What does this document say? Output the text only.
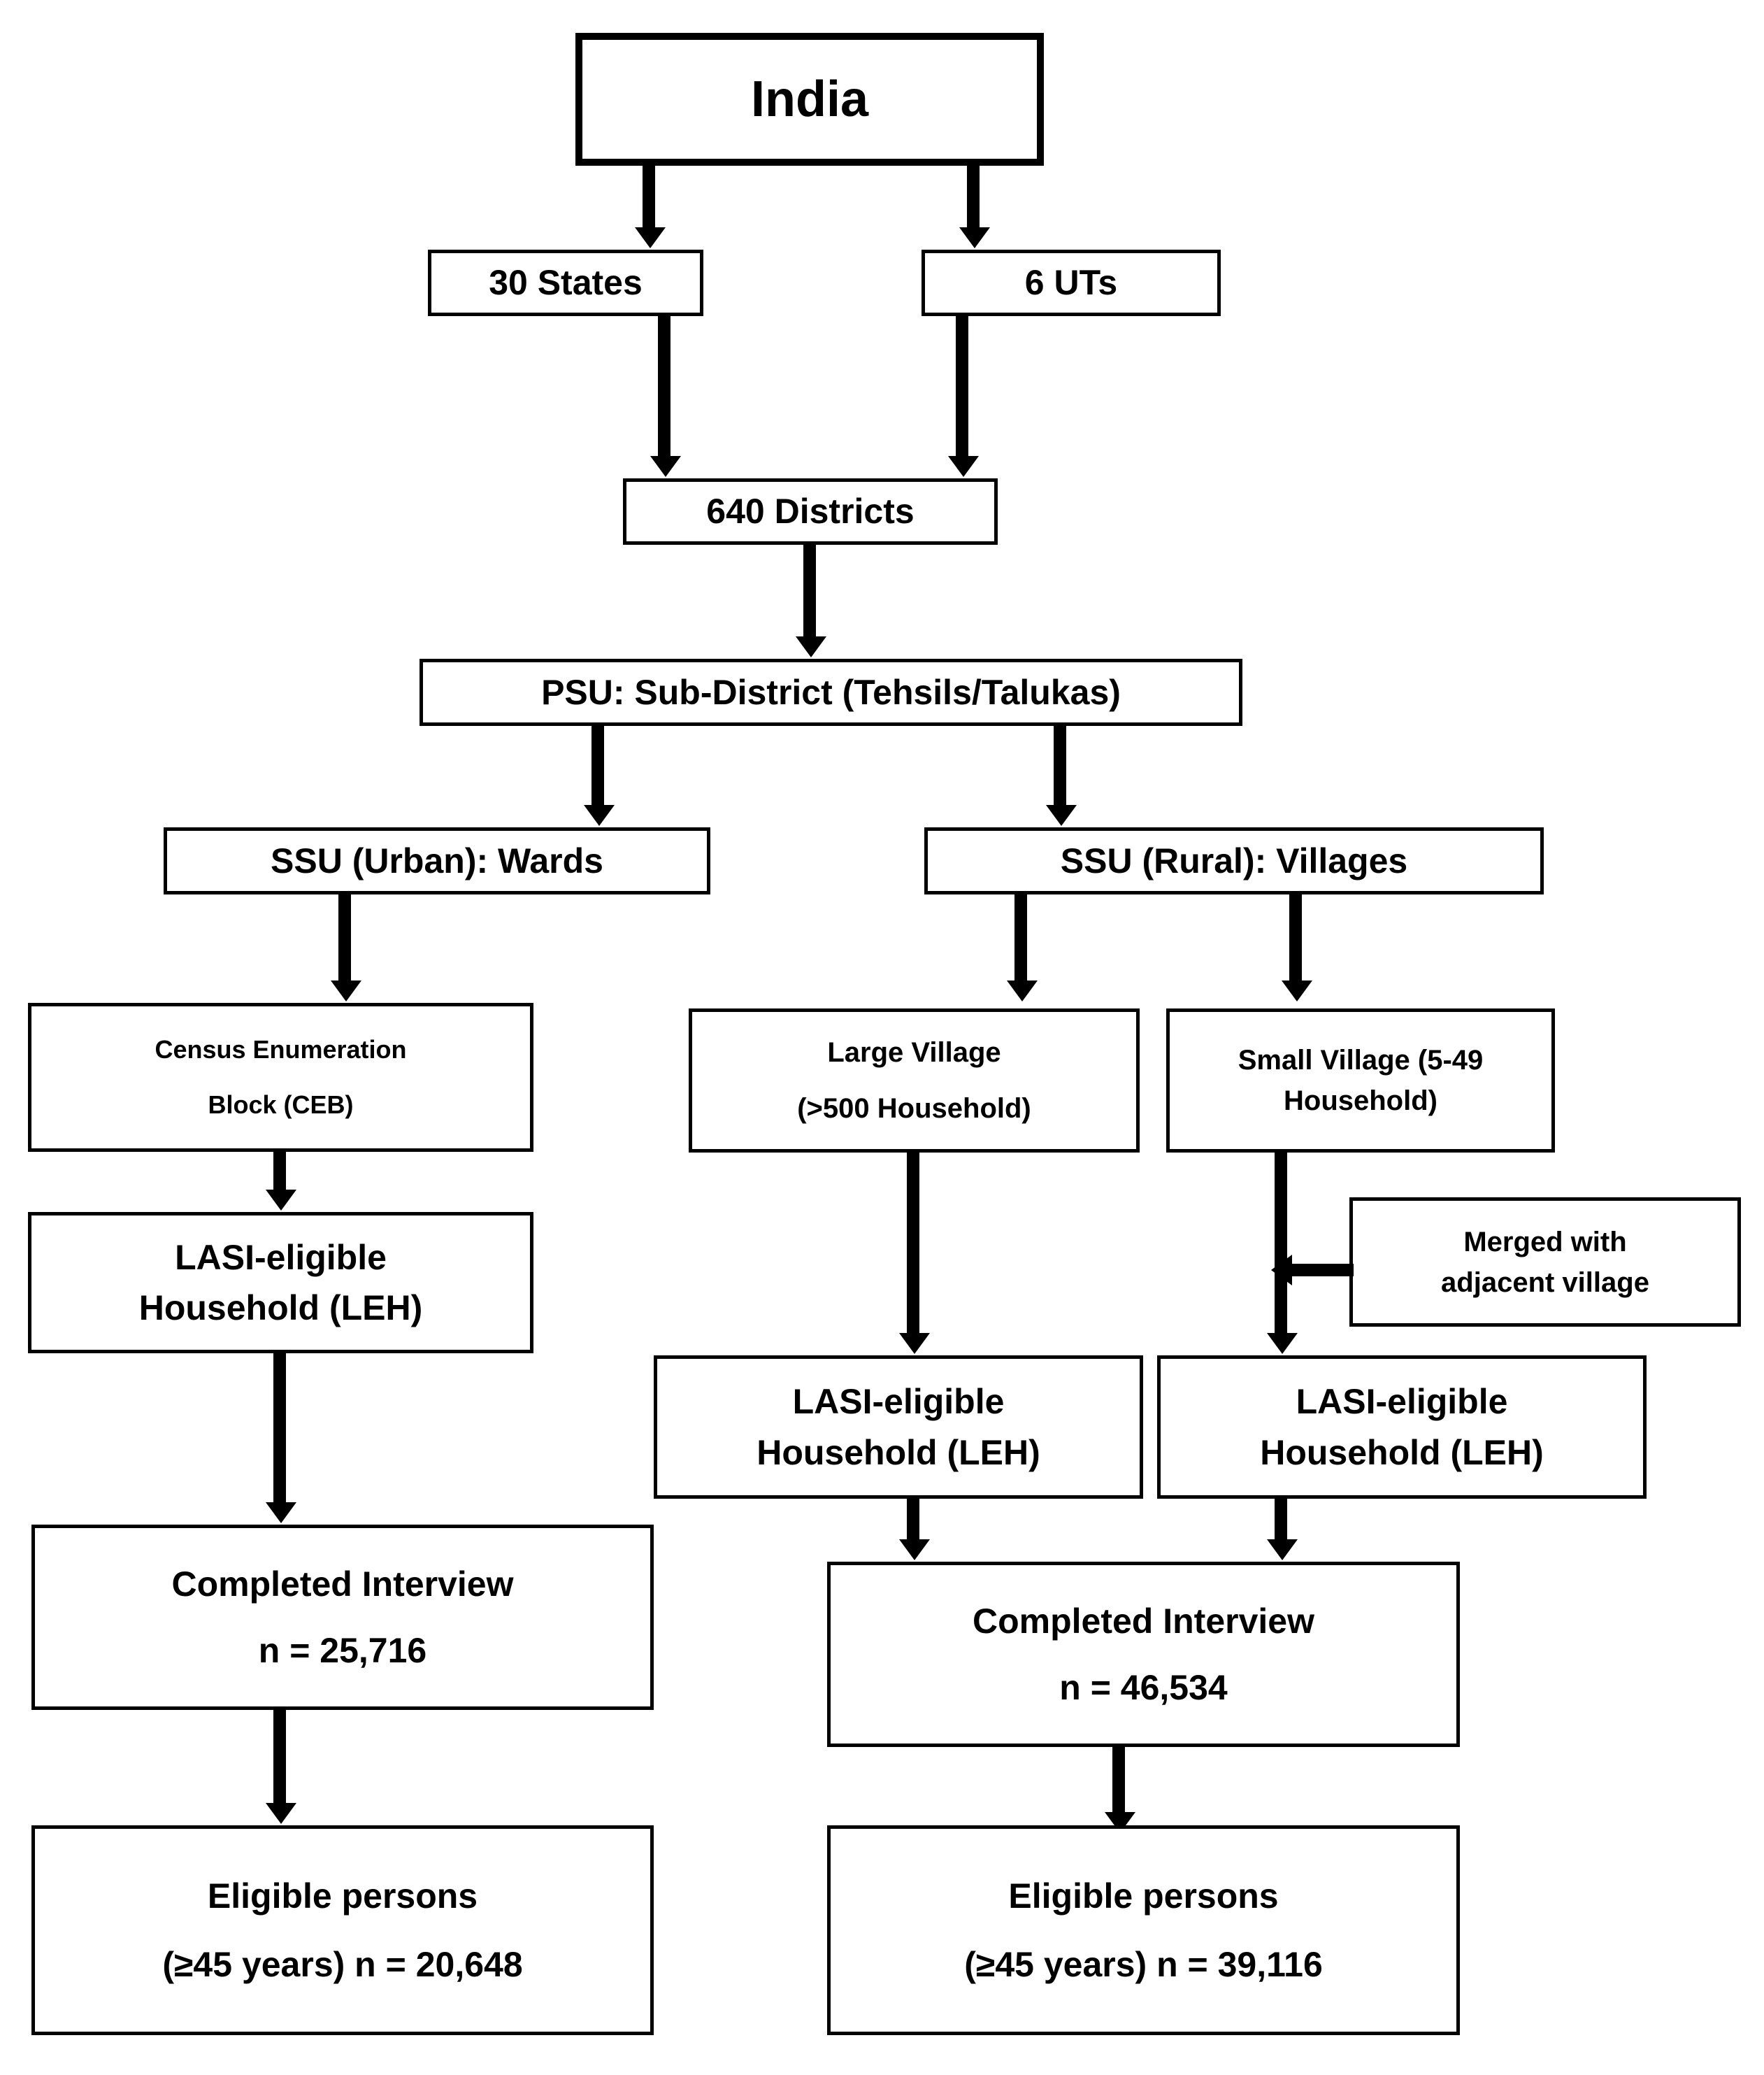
India
30 States	6 UTs
640 Districts
PSU: Sub-District (Tehsils/Talukas)
SSU (Urban): Wards	SSU (Rural): Villages
Census Enumeration
Block (CEB)
Large Village
(>500 Household)
Small Village (5-49
Household)
LASI-eligible
Household (LEH)
Merged with
adjacent village
LASI-eligible
Household (LEH)
LASI-eligible
Household (LEH)
Completed Interview
n = 25,716
Completed Interview
n = 46,534
Eligible persons
(≥45 years) n = 20,648
Eligible persons
(≥45 years) n = 39,116
